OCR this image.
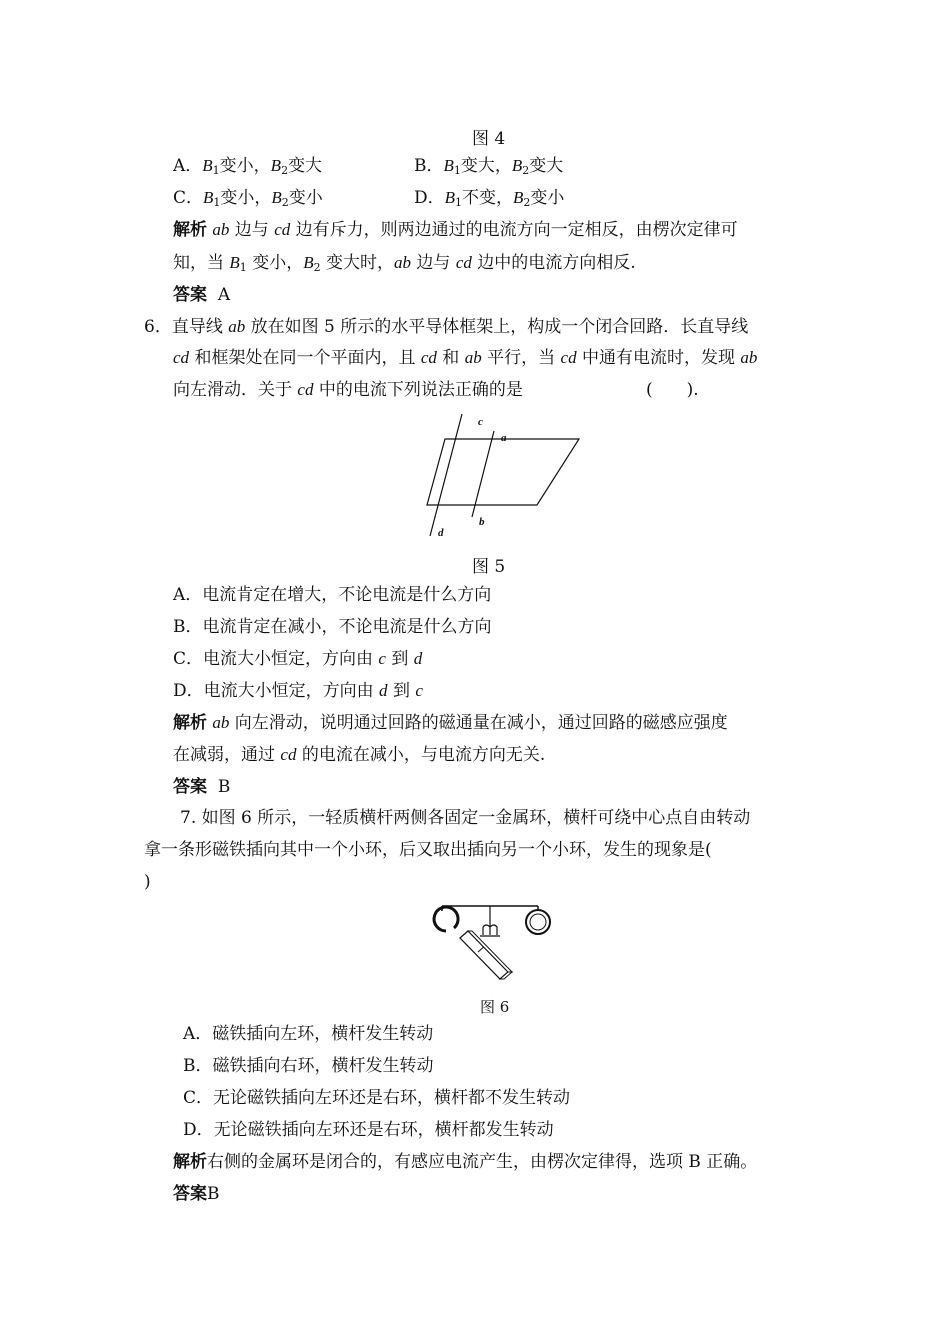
图 4
A．$B_1$变小，$B_2$变大	B．$B_1$变大，$B_2$变大
C．$B_1$变小，$B_2$变小	D．$B_1$不变，$B_2$变小
解析 ab 边与 cd 边有斥力，则两边通过的电流方向一定相反，由楞次定律可
知，当 $B_1$ 变小，$B_2$ 变大时，ab 边与 cd 边中的电流方向相反.
答案 A
6．直导线 ab 放在如图 5 所示的水平导体框架上，构成一个闭合回路．长直导线
cd 和框架处在同一个平面内，且 cd 和 ab 平行，当 cd 中通有电流时，发现 ab
向左滑动．关于 cd 中的电流下列说法正确的是	(　　).
c
a
b
d
图 5
A．电流肯定在增大，不论电流是什么方向
B．电流肯定在减小，不论电流是什么方向
C．电流大小恒定，方向由 c 到 d
D．电流大小恒定，方向由 d 到 c
解析 ab 向左滑动，说明通过回路的磁通量在减小，通过回路的磁感应强度
在减弱，通过 cd 的电流在减小，与电流方向无关.
答案 B
7. 如图 6 所示，一轻质横杆两侧各固定一金属环，横杆可绕中心点自由转动
拿一条形磁铁插向其中一个小环，后又取出插向另一个小环，发生的现象是(
)
图 6
A．磁铁插向左环，横杆发生转动
B．磁铁插向右环，横杆发生转动
C．无论磁铁插向左环还是右环，横杆都不发生转动
D．无论磁铁插向左环还是右环，横杆都发生转动
解析右侧的金属环是闭合的，有感应电流产生，由楞次定律得，选项 B 正确。
答案B
